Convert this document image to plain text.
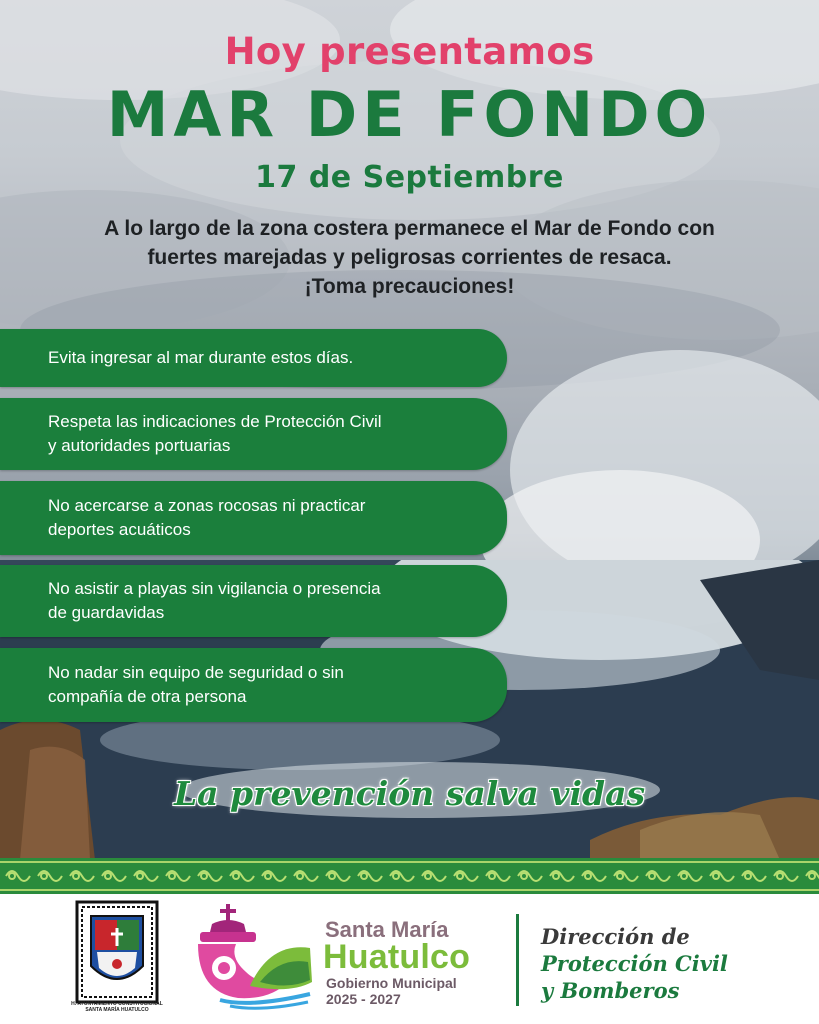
Hoy presentamos
MAR DE FONDO
17 de Septiembre
A lo largo de la zona costera permanece el Mar de Fondo con
fuertes marejadas y peligrosas corrientes de resaca.
¡Toma precauciones!
Evita ingresar al mar durante estos días.
Respeta las indicaciones de Protección Civil
y autoridades portuarias
No acercarse a zonas rocosas ni practicar
deportes acuáticos
No asistir a playas sin vigilancia o presencia
de guardavidas
No nadar sin equipo de seguridad o sin
compañía de otra persona
La prevención salva vidas
H. AYUNTAMIENTO CONSTITUCIONAL
SANTA MARÍA HUATULCO
Santa María
Huatulco
Gobierno Municipal
2025 - 2027
Dirección de
Protección Civil
y Bomberos
